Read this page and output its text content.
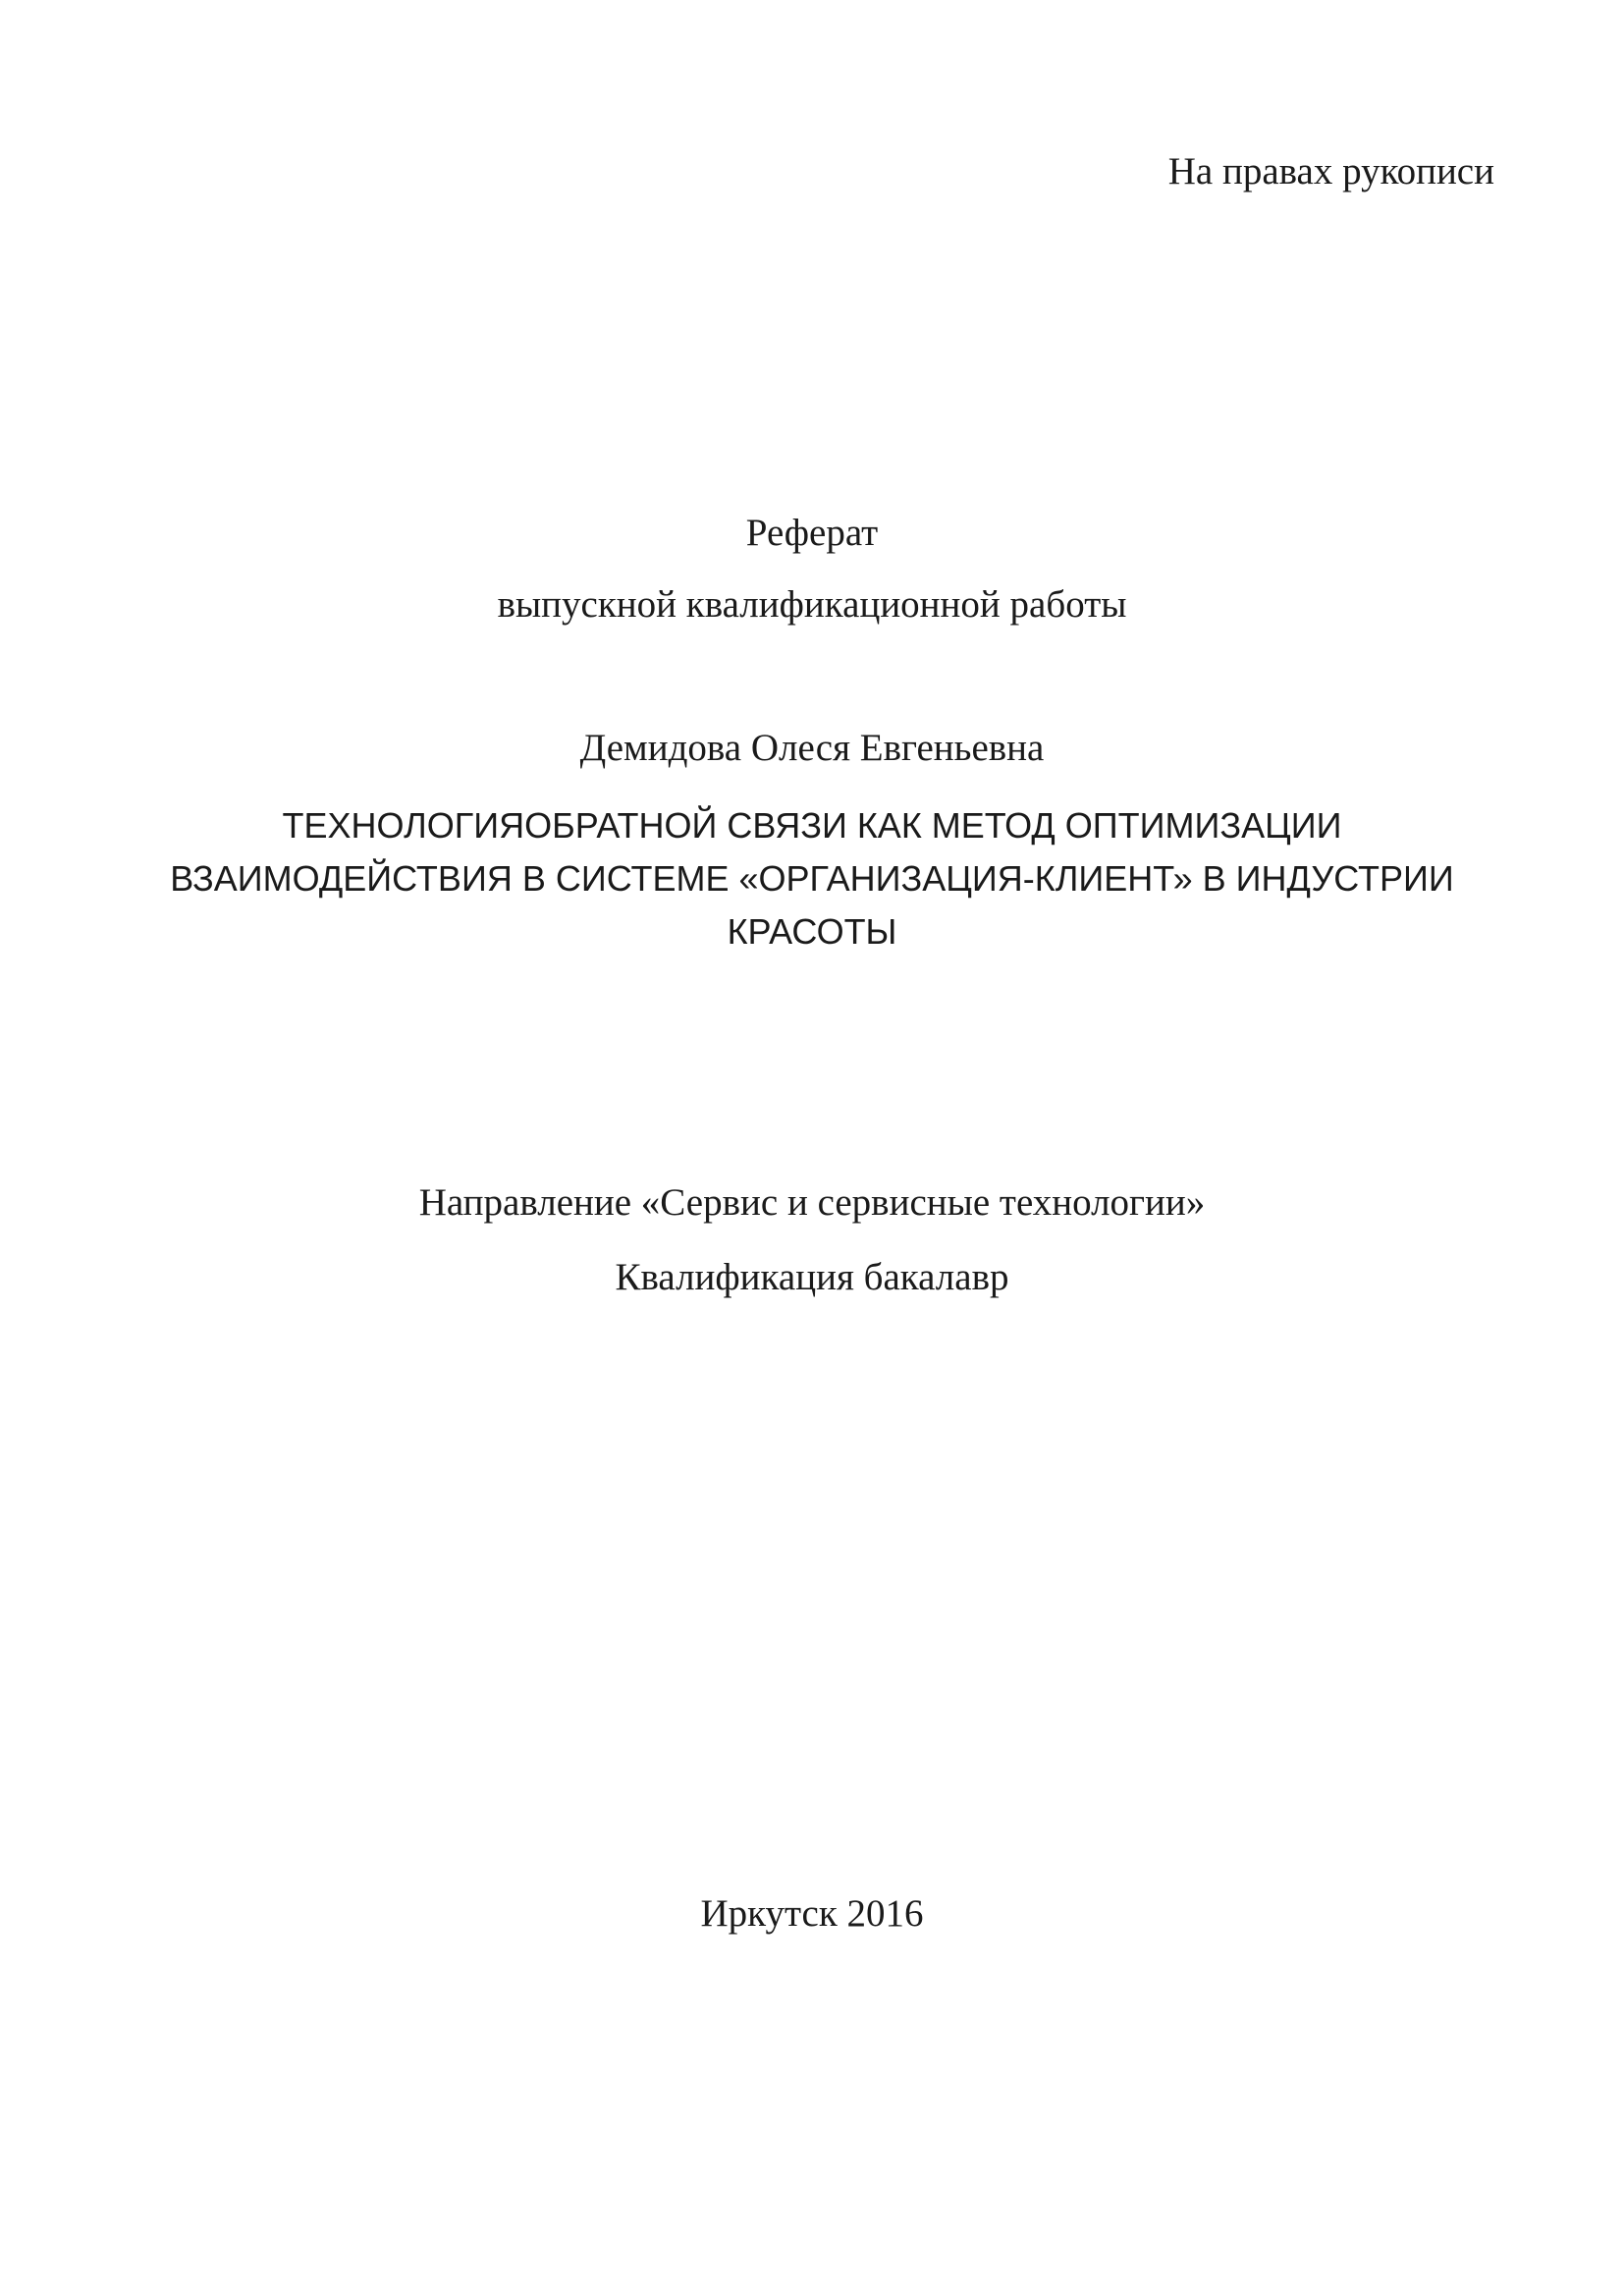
На правах рукописи
Реферат
выпускной квалификационной работы
Демидова Олеся Евгеньевна
ТЕХНОЛОГИЯОБРАТНОЙ СВЯЗИ КАК МЕТОД ОПТИМИЗАЦИИ
ВЗАИМОДЕЙСТВИЯ В СИСТЕМЕ «ОРГАНИЗАЦИЯ-КЛИЕНТ» В ИНДУСТРИИ
КРАСОТЫ
Направление «Сервис и сервисные технологии»
Квалификация бакалавр
Иркутск 2016
